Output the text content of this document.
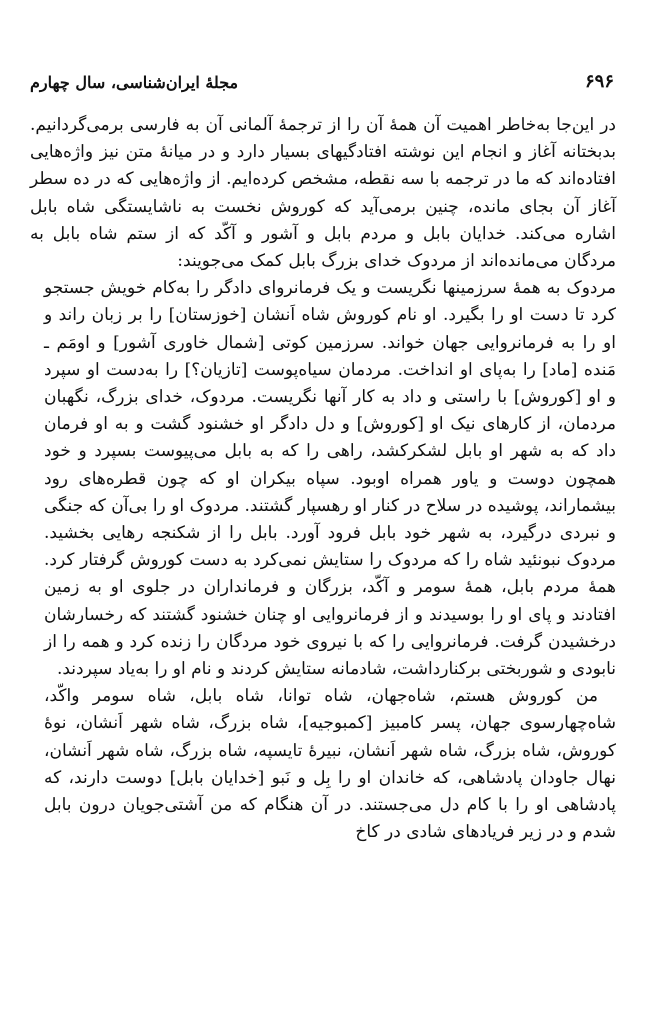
۶۹۶
مجلهٔ ایران‌شناسی، سال چهارم

در این‌جا به‌خاطر اهمیت آن همهٔ آن را از ترجمهٔ آلمانی آن به فارسی برمی‌گردانیم. بدبختانه آغاز و انجام این نوشته افتادگیهای بسیار دارد و در میانهٔ متن نیز واژه‌هایی افتاده‌اند که ما در ترجمه با سه نقطه، مشخص کرده‌ایم. از واژه‌هایی که در ده سطر آغاز آن بجای مانده، چنین برمی‌آید که کوروش نخست به ناشایستگی شاه بابل اشاره می‌کند. خدایان بابل و مردم بابل و آشور و آکّد که از ستم شاه بابل به مردگان می‌مانده‌اند از مردوک خدای بزرگ بابل کمک می‌جویند:

مردوک به همهٔ سرزمینها نگریست و یک فرمانروای دادگر را به‌کام خویش جستجو کرد تا دست او را بگیرد. او نام کوروش شاه اَنشان [خوزستان] را بر زبان راند و او را به فرمانروایی جهان خواند. سرزمین کوتی [شمال خاوری آشور] و اومَم ـ مَنده [ماد] را به‌پای او انداخت. مردمان سیاه‌پوست [تازیان؟] را به‌دست او سپرد و او [کوروش] با راستی و داد به کار آنها نگریست. مردوک، خدای بزرگ، نگهبان مردمان، از کارهای نیک او [کوروش] و دل دادگر او خشنود گشت و به او فرمان داد که به شهر او بابل لشکرکشد، راهی را که به بابل می‌پیوست بسپرد و خود همچون دوست و یاور همراه اوبود. سپاه بیکران او که چون قطره‌های رود بیشماراند، پوشیده در سلاح در کنار او رهسپار گشتند. مردوک او را بی‌آن که جنگی و نبردی درگیرد، به شهر خود بابل فرود آورد. بابل را از شکنجه رهایی بخشید. مردوک نبونئید شاه را که مردوک را ستایش نمی‌کرد به دست کوروش گرفتار کرد. همهٔ مردم بابل، همهٔ سومر و آکّد، بزرگان و فرمانداران در جلوی او به زمین افتادند و پای او را بوسیدند و از فرمانروایی او چنان خشنود گشتند که رخسارشان درخشیدن گرفت. فرمانروایی را که با نیروی خود مردگان را زنده کرد و همه را از نابودی و شوربختی برکنارداشت، شادمانه ستایش کردند و نام او را به‌یاد سپردند.

من کوروش هستم، شاه‌جهان، شاه توانا، شاه بابل، شاه سومر واکّد، شاه‌چهارسوی جهان، پسر کامبیز [کمبوجیه]، شاه بزرگ، شاه شهر اَنشان، نوهٔ کوروش، شاه بزرگ، شاه شهر اَنشان، نبیرهٔ تایسپه، شاه بزرگ، شاه شهر اَنشان، نهال جاودان پادشاهی، که خاندان او را بِل و نَبو [خدایان بابل] دوست دارند، که پادشاهی او را با کام دل می‌جستند. در آن هنگام که من آشتی‌جویان درون بابل شدم و در زیر فریادهای شادی در کاخ
